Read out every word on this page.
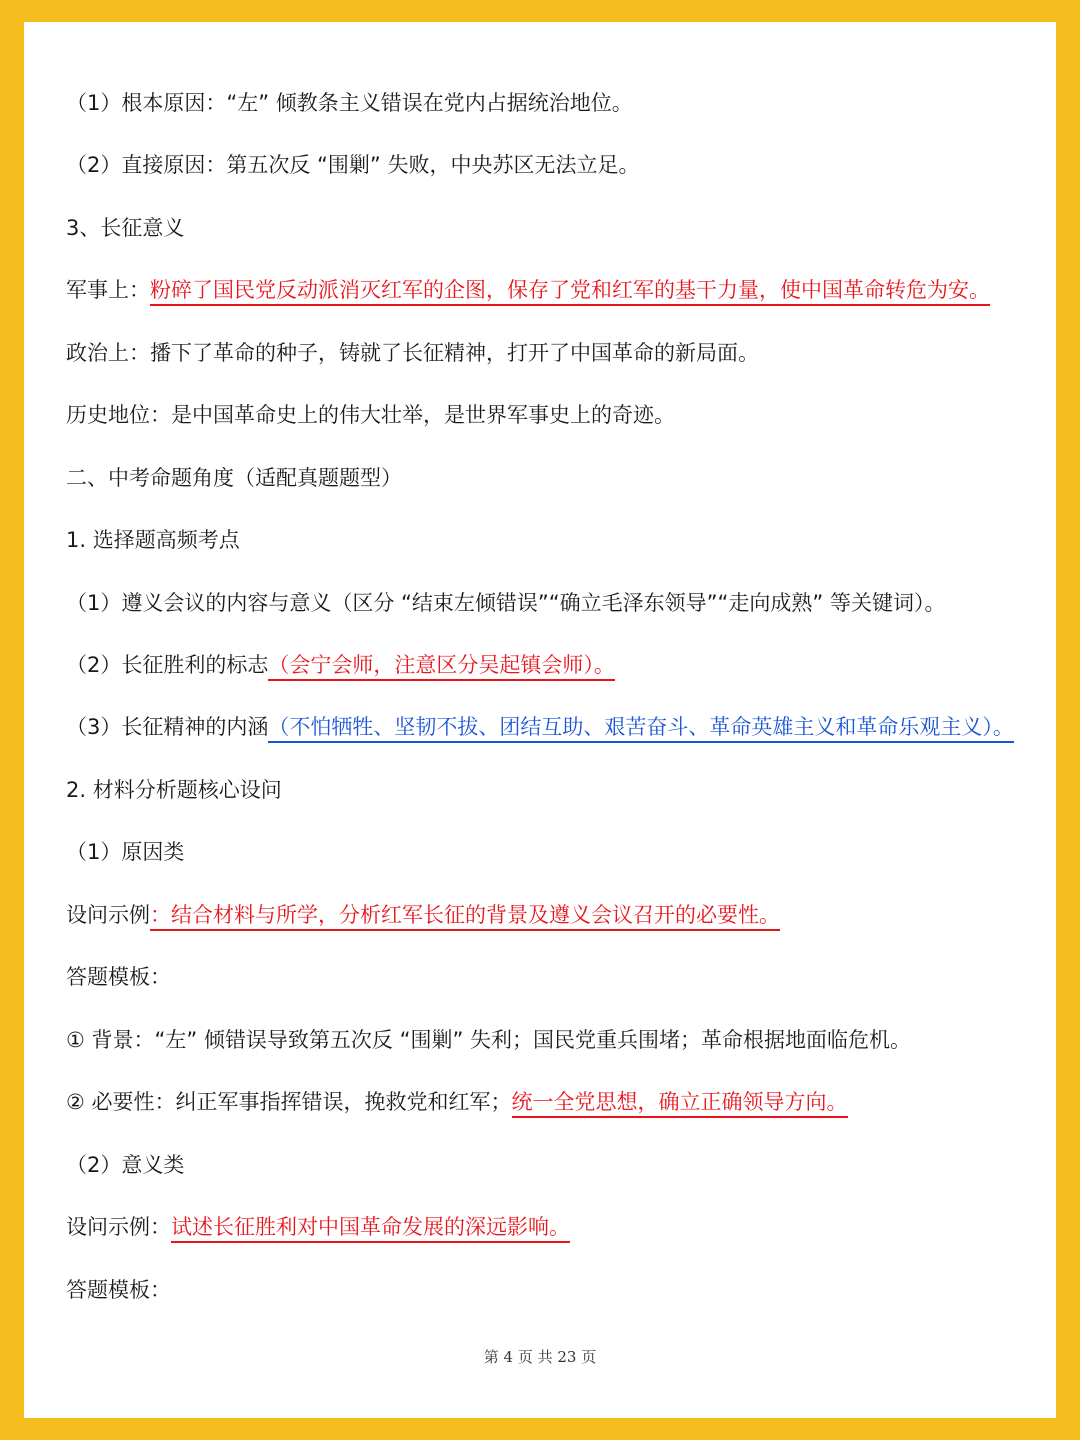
（1）根本原因：“左” 倾教条主义错误在党内占据统治地位。
（2）直接原因：第五次反 “围剿” 失败，中央苏区无法立足。
3、长征意义
军事上：粉碎了国民党反动派消灭红军的企图，保存了党和红军的基干力量，使中国革命转危为安。
政治上：播下了革命的种子，铸就了长征精神，打开了中国革命的新局面。
历史地位：是中国革命史上的伟大壮举，是世界军事史上的奇迹。
二、中考命题角度（适配真题题型）
1. 选择题高频考点
（1）遵义会议的内容与意义（区分 “结束左倾错误”“确立毛泽东领导”“走向成熟” 等关键词）。
（2）长征胜利的标志（会宁会师，注意区分吴起镇会师）。
（3）长征精神的内涵（不怕牺牲、坚韧不拔、团结互助、艰苦奋斗、革命英雄主义和革命乐观主义）。
2. 材料分析题核心设问
（1）原因类
设问示例：结合材料与所学，分析红军长征的背景及遵义会议召开的必要性。
答题模板：
① 背景：“左” 倾错误导致第五次反 “围剿” 失利；国民党重兵围堵；革命根据地面临危机。
② 必要性：纠正军事指挥错误，挽救党和红军；统一全党思想，确立正确领导方向。
（2）意义类
设问示例：试述长征胜利对中国革命发展的深远影响。
答题模板：
第 4 页 共 23 页
